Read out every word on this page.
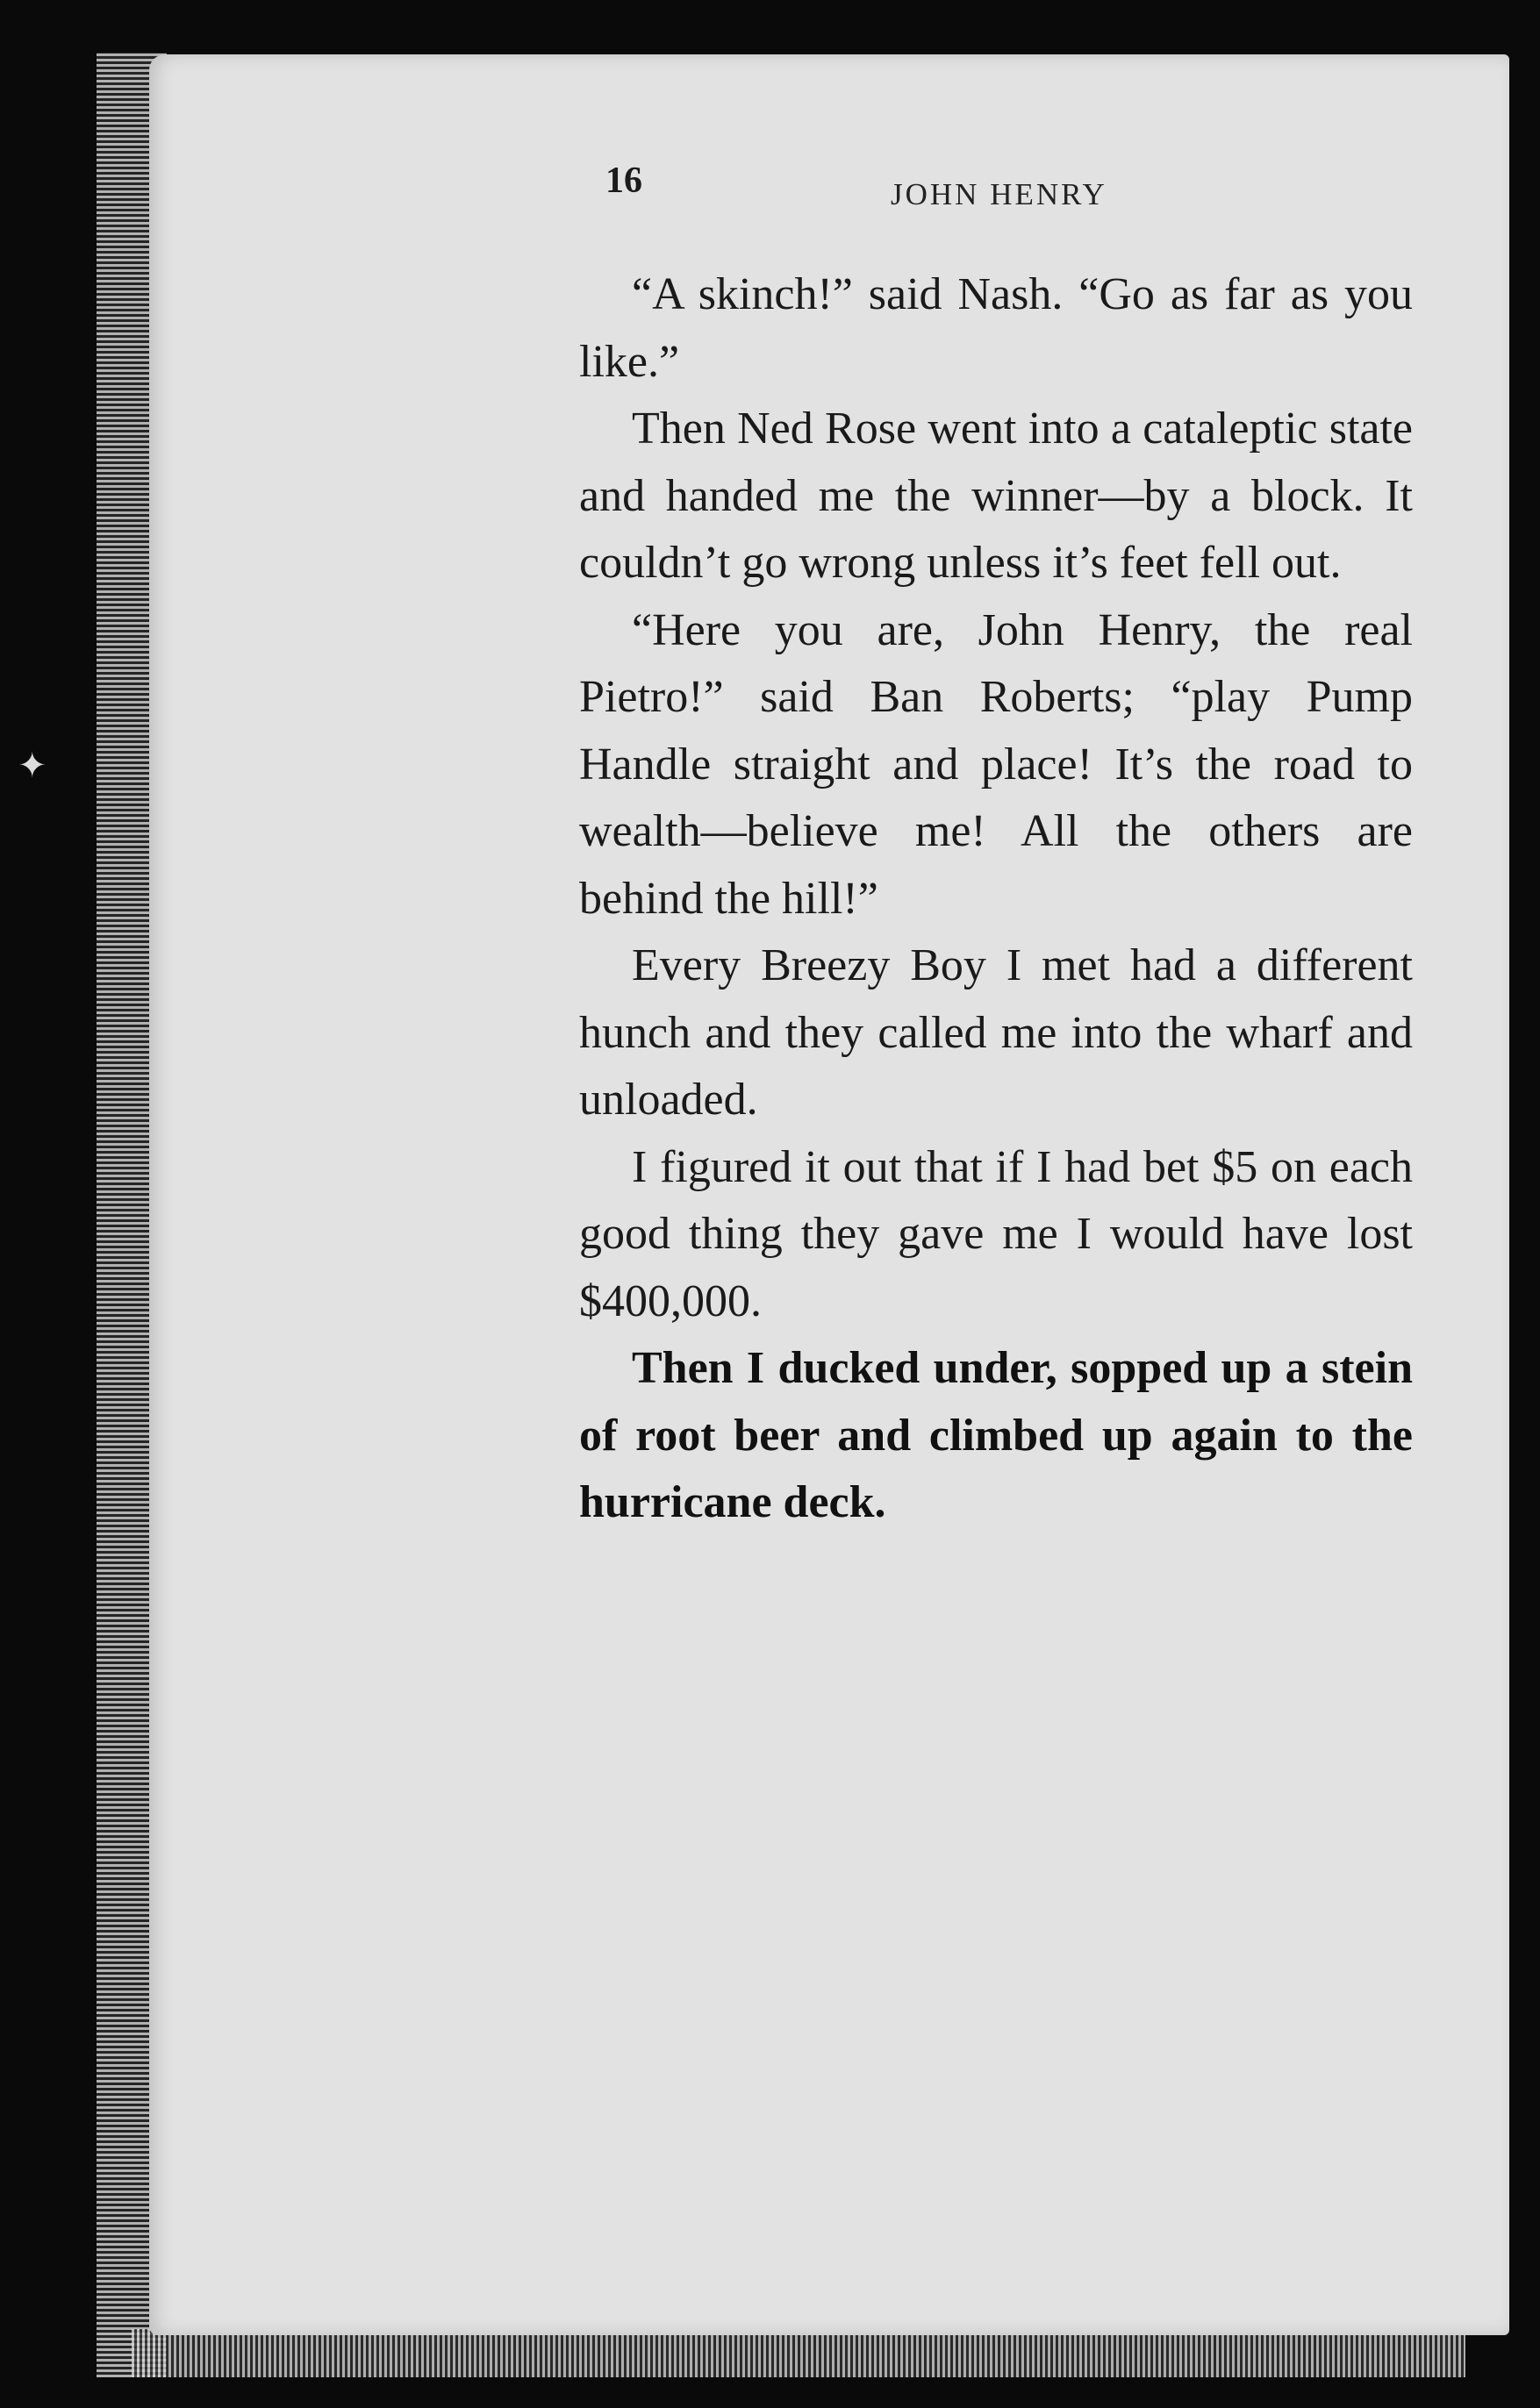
✦
16	JOHN HENRY

“A skinch!” said Nash. “Go as far as you like.”

Then Ned Rose went into a cataleptic state and handed me the winner—by a block. It couldn’t go wrong unless it’s feet fell out.

“Here you are, John Henry, the real Pietro!” said Ban Roberts; “play Pump Handle straight and place! It’s the road to wealth—believe me! All the others are behind the hill!”

Every Breezy Boy I met had a different hunch and they called me into the wharf and unloaded.

I figured it out that if I had bet $5 on each good thing they gave me I would have lost $400,000.

Then I ducked under, sopped up a stein of root beer and climbed up again to the hurricane deck.
